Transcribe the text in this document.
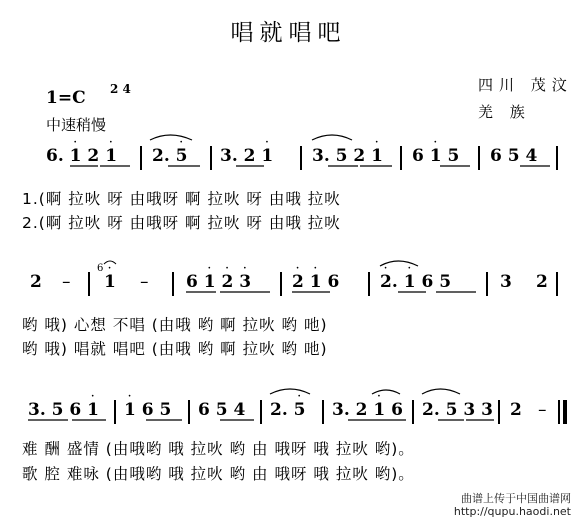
唱就唱吧
1=C 2 4
中速稍慢
四川 茂汶
羌 族
6. 1
·
2 1
·
2. 5
·
3. 2 1
·
3. 5 2 1
·
6 1
·
5 6 5 4
1.(啊 拉吙 呀 由哦呀 啊 拉吙 呀 由哦 拉吙
2.(啊 拉吙 呀 由哦呀 啊 拉吙 呀 由哦 拉吙
2 – 1
·
– 6 1
·
2
·
3
·
2
·
1
·
6 2
·
. 1
·
6 5	3 2
6
哟 哦) 心想 不唱 (由哦 哟 啊 拉吙 哟 吔)
哟 哦) 唱就 唱吧 (由哦 哟 啊 拉吙 哟 吔)
3. 5 6 1
·
1
·
6 5 6 5 4 2. 5
·
3. 2 1
·
6 2. 5 3 3 2 –
难 酬 盛情 (由哦哟 哦 拉吙 哟 由 哦呀 哦 拉吙 哟)。
歌 腔 难咏 (由哦哟 哦 拉吙 哟 由 哦呀 哦 拉吙 哟)。
曲谱上传于中国曲谱网
http://qupu.haodi.net
